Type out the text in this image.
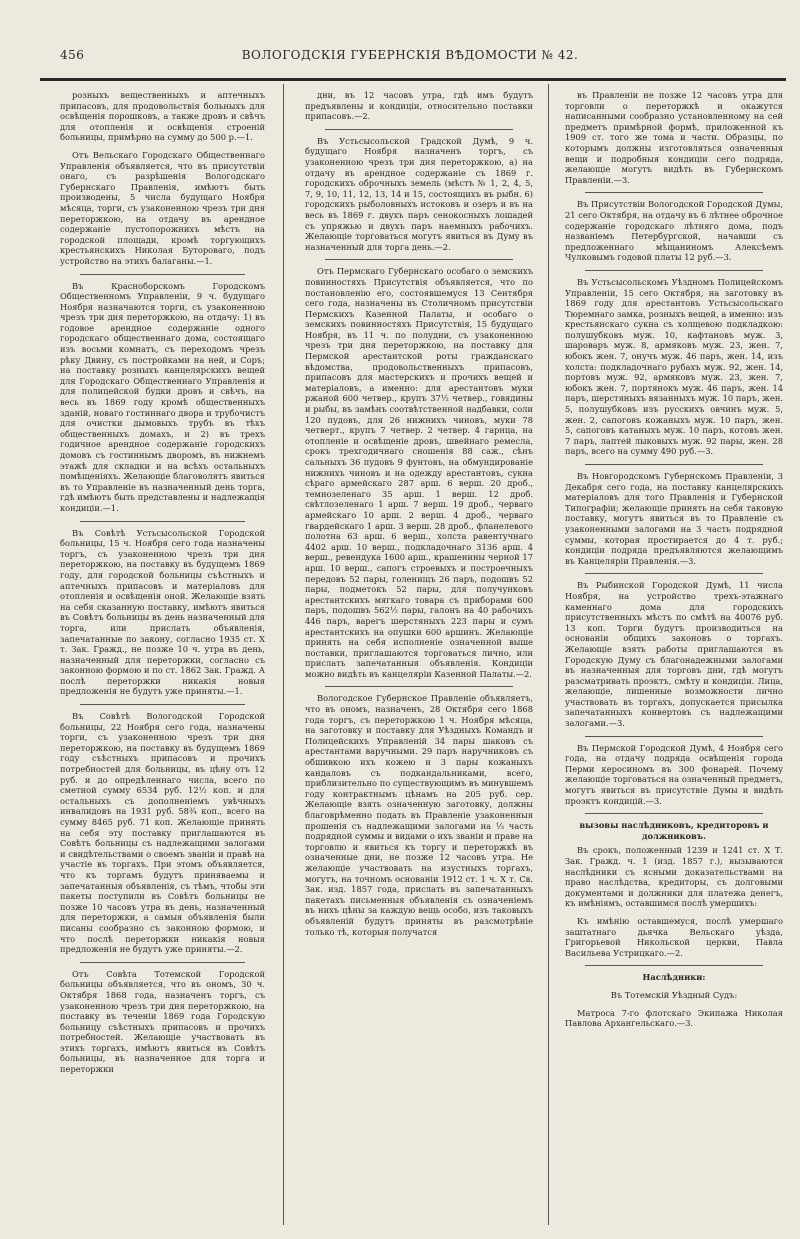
456	ВОЛОГОДСКIЯ ГУБЕРНСКIЯ ВѢДОМОСТИ № 42.

розныхъ вещественныхъ и аптечныхъ припасовъ, для продовольствiя больныхъ для освѣщенiя порошковъ, а также дровъ и свѣчъ для отопленiя и освѣщенiя строенiй больницы, примѣрно на сумму до 500 р.—1.

Отъ Вельскаго Городскаго Общественнаго Управленiя объявляется, что въ присутствiи онаго, съ разрѣшенiя Вологодскаго Губернскаго Правленiя, имѣютъ быть производены, 5 числа будущаго Ноября мѣсяца, торги, съ узаконенною чрезъ три дня переторжкою, на отдачу въ арендное содержанiе пустопорожнихъ мѣстъ на городской площади, кромѣ торгующихъ крестьянскихъ Николая Бутороваго, подъ устройство на этихъ балаганы.—1.

Въ Красноборскомъ Городскомъ Общественномъ Управленiи, 9 ч. будущаго Ноября назначаются торги, съ узаконенною чрезъ три дня переторжкою, на отдачу: 1) въ годовое арендное содержанiе одного городскаго общественнаго дома, состоящаго изъ восьми комнатъ, съ переходомъ чрезъ рѣку Двину, съ постройками на ней, и Соръ; на поставку розныхъ канцелярскихъ вещей для Городскаго Общественнаго Управленiя и для полицейской будки дровъ и свѣчъ, на весь въ 1869 году кромѣ общественныхъ зданiй, новаго гостиннаго двора и трубочистъ для очистки дымовыхъ трубъ въ тѣхъ общественныхъ домахъ, и 2) въ трехъ годичное арендное содержанiе городскихъ домовъ съ гостиннымъ дворомъ, въ нижнемъ этажѣ для складки и на всѣхъ остальныхъ помѣщенiяхъ. Желающiе благоволятъ явиться въ то Управленiе въ назначенный день торга, гдѣ имѣютъ быть представлены и надлежащiя кондицiи.—1.

Въ Совѣтѣ Устьсысольской Городской больницы, 15 ч. Ноября сего года назначены торгъ, съ узаконенною чрезъ три дня переторжкою, на поставку въ будущемъ 1869 году, для городской больницы съѣстныхъ и аптечныхъ припасовъ и матерiаловъ для отопленiя и освѣщенiя оной. Желающiе взять на себя сказанную поставку, имѣютъ явиться въ Совѣтъ больницы въ день назначенный для торга, или прислать объявленiя, запечатанные по закону, согласно 1935 ст. X т. Зак. Гражд., не позже 10 ч. утра въ день, назначенный для переторжки, согласно съ законною формою и по ст. 1862 Зак. Гражд. А послѣ переторжки никакiя новыя предложенiя не будутъ уже приняты.—1.

Въ Совѣтѣ Вологодской Городской больницы, 22 Ноября сего года, назначены торги, съ узаконенною чрезъ три дня переторжкою, на поставку въ будущемъ 1869 году съѣстныхъ припасовъ и прочихъ потребностей для больницы, въ цѣну отъ 12 руб. и до опредѣленнаго числа, всего по сметной сумму 6534 руб. 12½ коп. и для остальныхъ съ дополненiемъ увѣчныхъ инвалидовъ на 1931 руб. 58¾ коп., всего на сумму 8465 руб. 71 коп. Желающiе принять на себя эту поставку приглашаются въ Совѣтъ больницы съ надлежащими залогами и свидѣтельствами о своемъ званiи и правѣ на участiе въ торгахъ. При этомъ объявляется, что къ торгамъ будутъ приняваемы и запечатанныя объявленiя, съ тѣмъ, чтобы эти пакеты поступили въ Совѣтъ больницы не позже 10 часовъ утра въ день, назначенный для переторжки, а самыя объявленiя были писаны сообразно съ законною формою, и что послѣ переторжки никакiя новыя предложенiя не будутъ уже приняты.—2.

Отъ Совѣта Тотемской Городской больницы объявляется, что въ ономъ, 30 ч. Октября 1868 года, назначенъ торгъ, съ узаконенною чрезъ три дня переторжкою, на поставку въ теченiи 1869 года Городскую больницу съѣстныхъ припасовъ и прочихъ потребностей. Желающiе участвовать въ этихъ торгахъ, имѣютъ явиться въ Совѣтъ больницы, въ назначенное для торга и переторжки

дни, въ 12 часовъ утра, гдѣ имъ будутъ предъявлены и кондицiи, относительно поставки припасовъ.—2.

Въ Устьсысольской Градской Думѣ, 9 ч. будущаго Ноября назначенъ торгъ, съ узаконенною чрезъ три дня переторжкою, а) на отдачу въ арендное содержанiе съ 1869 г. городскихъ оброчныхъ земель (мѣстъ № 1, 2, 4, 5, 7, 9, 10, 11, 12, 13, 14 и 15, состоящихъ въ рыбн. 6) городскихъ рыболовныхъ истоковъ и озеръ и въ на весь въ 1869 г. двухъ паръ сенокосныхъ лошадей съ упряжью и двухъ паръ наемныхъ рабочихъ. Желающiе торговаться могутъ явиться въ Думу въ назначенный для торга день.—2.

Отъ Пермскаго Губернскаго особаго о земскихъ повинностяхъ Присутствiя объявляется, что по постановленiю его, состоявшемуся 13 Сентября сего года, назначены въ Столичномъ присутствiи Пермскихъ Казенной Палаты, и особаго о земскихъ повинностяхъ Присутствiя, 15 будущаго Ноября, въ 11 ч. по полудни, съ узаконенною чрезъ три дня переторжкою, на поставку для Пермской арестантской роты гражданскаго вѣдомства, продовольственныхъ припасовъ, припасовъ для мастерскихъ и прочихъ вещей и матерiаловъ, а именно: для арестантовъ муки ржаной 600 четвер., крупъ 37½ четвер., говядины и рыбы, въ замѣнъ соотвѣтственной надбавки, соли 120 пудовъ, для 26 нижнихъ чиновъ, муки 78 четверт., крупъ 7 четвер. 2 четвер. 4 гарнца, на отопленiе и освѣщенiе дровъ, швейнаго ремесла, срокъ трехгодичнаго сношенiя 88 саж., сѣнъ сальныхъ 36 пудовъ 9 фунтовъ, на обмундированiе нижнихъ чиновъ и на одежду арестантовъ, сукна сѣраго армейскаго 287 арш. 6 верш. 20 дроб., темнозеленаго 35 арш. 1 верш. 12 дроб. свѣтлозеленаго 1 арш. 7 верш. 19 дроб., черваго армейскаго 10 арш. 2 верш. 4 дроб., черваго гвардейскаго 1 арш. 3 верш. 28 дроб., фланелевого полотна 63 арш. 6 верш., холста равентучнаго 4402 арш. 10 верш., подкладочнаго 3136 арш. 4 верш., ревендука 1600 арш., крашенины черной 17 арш. 10 верш., сапогъ строевыхъ и построечныхъ передовъ 52 пары, голенищъ 26 паръ, подошвъ 52 пары, подметокъ 52 пары, для получунковъ арестантскихъ мягкаго товара съ приборами 600 паръ, подошвъ 562½ пары, галонъ на 40 рабочихъ 446 паръ, варегъ шерстяныхъ 223 пары и сумъ арестантскихъ на опушки 600 аршинъ. Желающiе принять на себя исполненiе означенной выше поставки, приглашаются торговаться лично, или прислать запечатанныя объявленiя. Кондицiи можно видѣть въ канцелярiи Казенной Палаты.—2.

Вологодское Губернское Правленiе объявляетъ, что въ ономъ, назначенъ, 28 Октября сего 1868 года торгъ, съ переторжкою 1 ч. Ноября мѣсяца, на заготовку и поставку для Уѣздныхъ Командъ и Полицейскихъ Управленiй 34 пары шаковъ съ арестантами варучными. 29 паръ наручниковъ съ обшивкою ихъ кожею и 3 пары кожаныхъ кандаловъ съ подкандальниками, всего, приблизительно по существующимъ въ минувшемъ году контрактнымъ цѣнамъ на 205 руб. сер. Желающiе взять означенную заготовку, должны благоврѣменно подать въ Правленiе узаконенныя прошенiя съ надлежащими залогами на ⅓ часть подрядной суммы и видами о ихъ званiи и праве на торговлю и явиться къ торгу и переторжкѣ въ означенные дни, не позже 12 часовъ утра. Не желающiе участвовать на изустныхъ торгахъ, могутъ, на точномъ основанiи 1912 ст. 1 ч. X т. Св. Зак. изд. 1857 года, прислать въ запечатанныхъ пакетахъ письменныя объявленiя съ означенiемъ въ нихъ цѣны за каждую вещь особо, изъ таковыхъ объявленiй будутъ приняты въ разсмотрѣнiе только тѣ, которыя получатся

въ Правленiи не позже 12 часовъ утра для торговли о переторжкѣ и окажутся написанными сообразно установленному на сей предметъ примѣрной формѣ, приложенной къ 1909 ст. того же тома и части. Образцы, по которымъ должны изготовляться означенныя вещи и подробныя кондицiи сего подряда, желающiе могутъ видѣть въ Губернскомъ Правленiи.—3.

Въ Присутствiи Вологодской Городской Думы, 21 сего Октября, на отдачу въ 6 лѣтнее оброчное содержанiе городскаго лѣтняго дома, подъ названiемъ Петербургской, начавши съ предложеннаго мѣщаниномъ Алексѣемъ Чулковымъ годовой платы 12 руб.—3.

Въ Устьсысольскомъ Уѣздномъ Полицейскомъ Управленiи, 15 сего Октября, на заготовку въ 1869 году для арестантовъ Устьсысольскаго Тюремнаго замка, розныхъ вещей, а именно: изъ крестьянскаго сукна съ холщевою подкладкою: полушубковъ муж. 10, кафтановъ муж. 3, шароваръ муж. 8, армяковъ муж. 23, жен. 7, юбокъ жен. 7, онучъ муж. 46 паръ, жен. 14, изъ холста: подкладочнаго рубахъ муж. 92, жен. 14, портовъ муж. 92, армяковъ муж. 23, жен. 7, юбокъ жен. 7, портянокъ муж. 46 паръ, жен. 14 паръ, шерстяныхъ вязанныхъ муж. 10 паръ, жен. 5, полушубковъ изъ русскихъ овчинъ муж. 5, жен. 2, сапоговъ кожаныхъ муж. 10 паръ, жен. 5, сапоговъ катаныхъ муж. 10 паръ, котовъ жен. 7 паръ, лаптей лыковыхъ муж. 92 пары, жен. 28 паръ, всего на сумму 490 руб.—3.

Въ Новгородскомъ Губернскомъ Правленiи, 3 Декабря сего года, на поставку канцелярскихъ матерiаловъ для того Правленiя и Губернской Типографiи; желающiе принять на себя таковую поставку, могутъ явиться въ то Правленiе съ узаконенными залогами на 3 часть подрядной суммы, которая простирается до 4 т. руб.; кондицiи подряда предъявляются желающимъ въ Канцелярiи Правленiя.—3.

Въ Рыбинской Городской Думѣ, 11 числа Ноября, на устройство трехъ-этажнаго каменнаго дома для городскихъ присутственныхъ мѣстъ по смѣтѣ на 40076 руб. 13 коп. Торги будутъ производиться на основанiи общихъ законовъ о торгахъ. Желающiе взять работы приглашаются въ Городскую Думу съ благонадежными залогами въ назначенныя для торговъ дни, гдѣ могутъ разсматривать проэктъ, смѣту и кондицiи. Лица, желающiе, лишенные возможности лично участвовать въ торгахъ, допускается присылка запечатанныхъ конвертовъ съ надлежащими залогами.—3.

Въ Пермской Городской Думѣ, 4 Ноября сего года, на отдачу подряда освѣщенiя города Перми керосиномъ въ 300 фонарей. Почему желающiе торговаться на означенный предметъ, могутъ явиться въ присутствiе Думы и видѣть проэктъ кондицiй.—3.

вызовы наслѣдниковъ, кредиторовъ и должниковъ.

Въ срокъ, положенный 1239 и 1241 ст. X Т. Зак. Гражд. ч. 1 (изд. 1857 г.), вызываются наслѣдники съ ясными доказательствами на право наслѣдства, кредиторы, съ долговыми документами и должники для платежа денегъ, къ имѣнiямъ, оставшимся послѣ умершихъ:

Къ имѣнiю оставшемуся, послѣ умершаго заштатнаго дьячка Вельскаго уѣзда, Григорьевой Никольской церкви, Павла Васильева Устрицкаго.—2.

Наслѣдники:

Въ Тотемскiй Уѣздный Судъ:

Матроса 7-го флотскаго Экипажа Николая Павлова Архангельскаго.—3.
